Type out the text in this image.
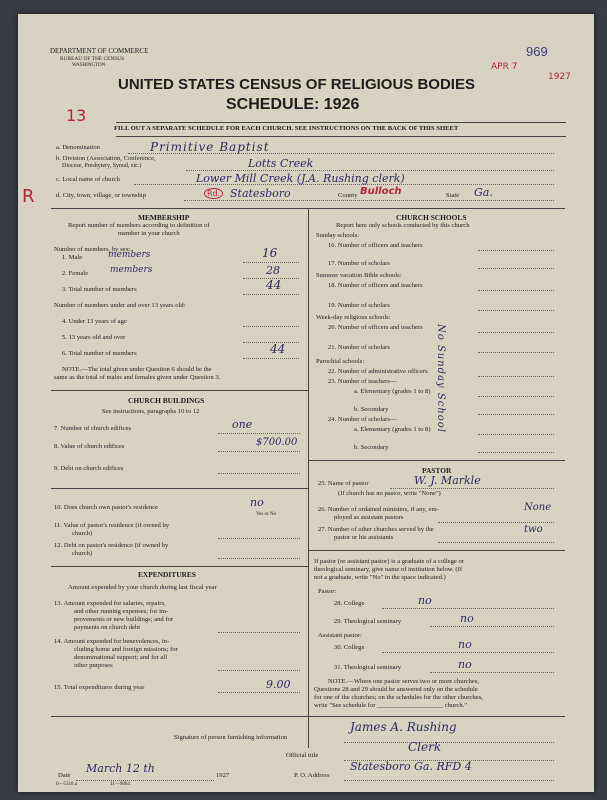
DEPARTMENT OF COMMERCE
BUREAU OF THE CENSUS
WASHINGTON
969
APR 7
1927
UNITED STATES CENSUS OF RELIGIOUS BODIES
SCHEDULE: 1926
13
R
FILL OUT A SEPARATE SCHEDULE FOR EACH CHURCH. SEE INSTRUCTIONS ON THE BACK OF THIS SHEET
a. Denomination	Primitive Baptist
b. Division (Association, Conference,
Diocese, Presbytery, Synod, etc.)	Lotts Creek
c. Local name of church	Lower Mill Creek (J.A. Rushing clerk)
d. City, town, village, or township	Rd. Statesboro	County Bulloch	State Ga.
MEMBERSHIP
Report number of members according to definition of
member in your church
Number of members, by sex:
1. Male	members	16
2. Female members	28
3. Total number of members	44
Number of members under and over 13 years old:
4. Under 13 years of age
5. 13 years old and over
6. Total number of members	44
NOTE.—The total given under Question 6 should be the
same as the total of males and females given under Question 3.
CHURCH BUILDINGS
See instructions, paragraphs 10 to 12
7. Number of church edifices	one
8. Value of church edifices	$700.00
9. Debt on church edifices
10. Does church own pastor's residence	no
Yes or No
11. Value of pastor's residence (if owned by
church)
12. Debt on pastor's residence (if owned by
church)
EXPENDITURES
Amount expended by your church during last fiscal year
13. Amount expended for salaries, repairs,
and other running expenses; for im-
provements or new buildings; and for
payments on church debt
14. Amount expended for benevolences, in-
cluding home and foreign missions; for
denominational support; and for all
other purposes
15. Total expenditures during year	9.00
CHURCH SCHOOLS
Report here only schools conducted by this church
Sunday schools:
16. Number of officers and teachers
17. Number of scholars
Summer vacation Bible schools:
18. Number of officers and teachers
19. Number of scholars
Week-day religious schools:
20. Number of officers and teachers
21. Number of scholars
Parochial schools:
22. Number of administrative officers
23. Number of teachers—
a. Elementary (grades 1 to 8)
b. Secondary
24. Number of scholars—
a. Elementary (grades 1 to 8)
b. Secondary
No Sunday School
PASTOR
25. Name of pastor	W. J. Markle
(If church has no pastor, write "None")
26. Number of ordained ministers, if any, em-
ployed as assistant pastors
None
27. Number of other churches served by the
pastor or his assistants
two
If pastor (or assistant pastor) is a graduate of a college or
theological seminary, give name of institution below. (If
not a graduate, write "No" in the space indicated.)
Pastor:
28. College	no
29. Theological seminary	no
Assistant pastor:
30. College	no
31. Theological seminary	no
NOTE.—Where one pastor serves two or more churches,
Questions 28 and 29 should be answered only on the schedule
for one of the churches; on the schedules for the other churches,
write "See schedule for ____________________ church."
Signature of person furnishing information
James A. Rushing
Official title
Clerk
Date
March 12 th
1927	P. O. Address
Statesboro Ga. RFD 4
6—5318 a	11—9064
